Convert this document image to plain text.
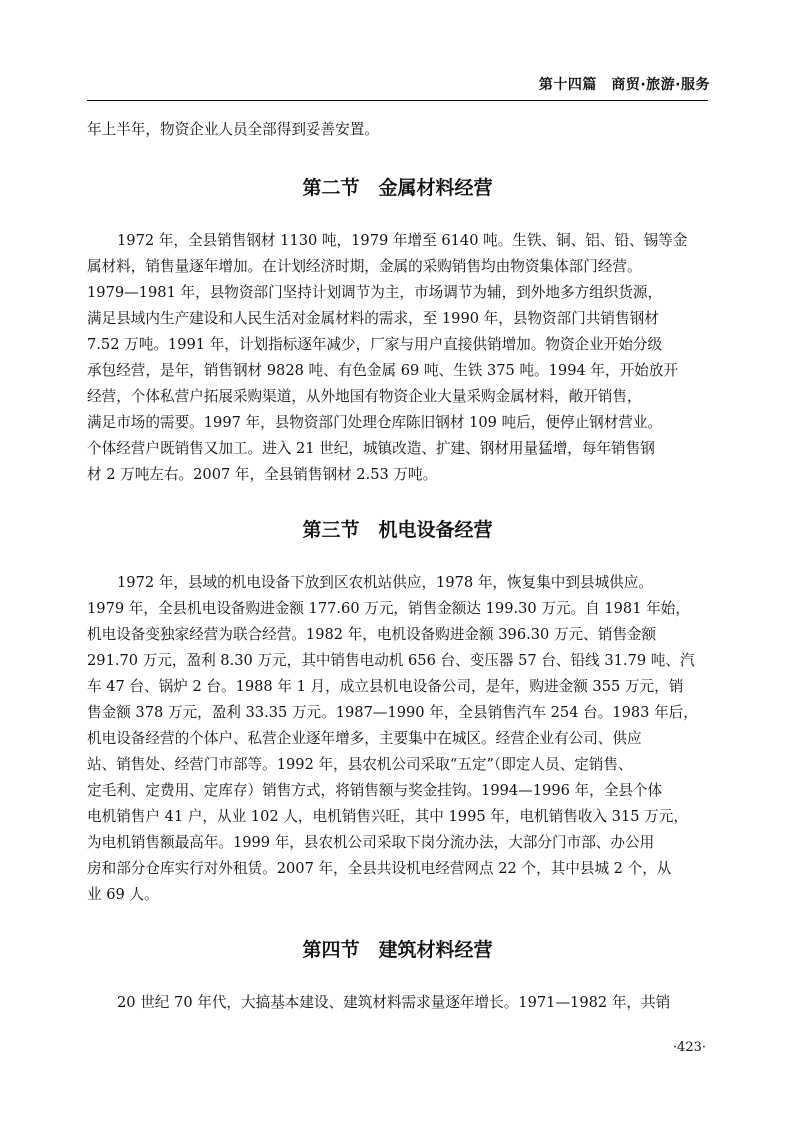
第十四篇　商贸·旅游·服务
年上半年，物资企业人员全部得到妥善安置。
第二节　金属材料经营
1972 年，全县销售钢材 1130 吨，1979 年增至 6140 吨。生铁、铜、铝、铅、锡等金
属材料，销售量逐年增加。在计划经济时期，金属的采购销售均由物资集体部门经营。
1979—1981 年，县物资部门坚持计划调节为主，市场调节为辅，到外地多方组织货源，
满足县域内生产建设和人民生活对金属材料的需求，至 1990 年，县物资部门共销售钢材
7.52 万吨。1991 年，计划指标逐年减少，厂家与用户直接供销增加。物资企业开始分级
承包经营，是年，销售钢材 9828 吨、有色金属 69 吨、生铁 375 吨。1994 年，开始放开
经营，个体私营户拓展采购渠道，从外地国有物资企业大量采购金属材料，敞开销售，
满足市场的需要。1997 年，县物资部门处理仓库陈旧钢材 109 吨后，便停止钢材营业。
个体经营户既销售又加工。进入 21 世纪，城镇改造、扩建、钢材用量猛增，每年销售钢
材 2 万吨左右。2007 年，全县销售钢材 2.53 万吨。
第三节　机电设备经营
1972 年，县域的机电设备下放到区农机站供应，1978 年，恢复集中到县城供应。
1979 年，全县机电设备购进金额 177.60 万元，销售金额达 199.30 万元。自 1981 年始，
机电设备变独家经营为联合经营。1982 年，电机设备购进金额 396.30 万元、销售金额
291.70 万元，盈利 8.30 万元，其中销售电动机 656 台、变压器 57 台、铅线 31.79 吨、汽
车 47 台、锅炉 2 台。1988 年 1 月，成立县机电设备公司，是年，购进金额 355 万元，销
售金额 378 万元，盈利 33.35 万元。1987—1990 年，全县销售汽车 254 台。1983 年后，
机电设备经营的个体户、私营企业逐年增多，主要集中在城区。经营企业有公司、供应
站、销售处、经营门市部等。1992 年，县农机公司采取“五定”（即定人员、定销售、
定毛利、定费用、定库存）销售方式，将销售额与奖金挂钩。1994—1996 年，全县个体
电机销售户 41 户，从业 102 人，电机销售兴旺，其中 1995 年，电机销售收入 315 万元，
为电机销售额最高年。1999 年，县农机公司采取下岗分流办法，大部分门市部、办公用
房和部分仓库实行对外租赁。2007 年，全县共设机电经营网点 22 个，其中县城 2 个，从
业 69 人。
第四节　建筑材料经营
20 世纪 70 年代，大搞基本建设、建筑材料需求量逐年增长。1971—1982 年，共销
·423·
